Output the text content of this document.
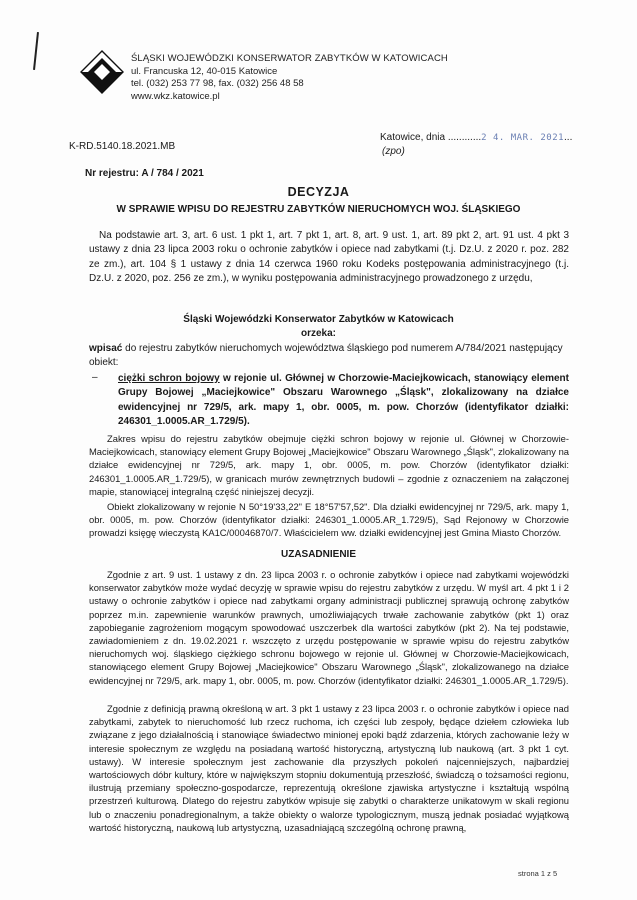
ŚLĄSKI WOJEWÓDZKI KONSERWATOR ZABYTKÓW W KATOWICACH
ul. Francuska 12, 40-015 Katowice
tel. (032) 253 77 98, fax. (032) 256 48 58
www.wkz.katowice.pl
Katowice, dnia ............2 4. MAR. 2021...
(zpo)
K-RD.5140.18.2021.MB
Nr rejestru: A / 784 / 2021
DECYZJA
W SPRAWIE WPISU DO REJESTRU ZABYTKÓW NIERUCHOMYCH WOJ. ŚLĄSKIEGO
Na podstawie art. 3, art. 6 ust. 1 pkt 1, art. 7 pkt 1, art. 8, art. 9 ust. 1, art. 89 pkt 2, art. 91 ust. 4 pkt 3 ustawy z dnia 23 lipca 2003 roku o ochronie zabytków i opiece nad zabytkami (t.j. Dz.U. z 2020 r. poz. 282 ze zm.), art. 104 § 1 ustawy z dnia 14 czerwca 1960 roku Kodeks postępowania administracyjnego (t.j. Dz.U. z 2020, poz. 256 ze zm.), w wyniku postępowania administracyjnego prowadzonego z urzędu,
Śląski Wojewódzki Konserwator Zabytków w Katowicach
orzeka:
wpisać do rejestru zabytków nieruchomych województwa śląskiego pod numerem A/784/2021 następujący obiekt:
–	ciężki schron bojowy w rejonie ul. Głównej w Chorzowie-Maciejkowicach, stanowiący element Grupy Bojowej „Maciejkowice" Obszaru Warownego „Śląsk", zlokalizowany na działce ewidencyjnej nr 729/5, ark. mapy 1, obr. 0005, m. pow. Chorzów (identyfikator działki: 246301_1.0005.AR_1.729/5).
Zakres wpisu do rejestru zabytków obejmuje ciężki schron bojowy w rejonie ul. Głównej w Chorzowie-Maciejkowicach, stanowiący element Grupy Bojowej „Maciejkowice" Obszaru Warownego „Śląsk", zlokalizowany na działce ewidencyjnej nr 729/5, ark. mapy 1, obr. 0005, m. pow. Chorzów (identyfikator działki: 246301_1.0005.AR_1.729/5), w granicach murów zewnętrznych budowli – zgodnie z oznaczeniem na załączonej mapie, stanowiącej integralną część niniejszej decyzji.
Obiekt zlokalizowany w rejonie N 50°19'33,22" E 18°57'57,52". Dla działki ewidencyjnej nr 729/5, ark. mapy 1, obr. 0005, m. pow. Chorzów (identyfikator działki: 246301_1.0005.AR_1.729/5), Sąd Rejonowy w Chorzowie prowadzi księgę wieczystą KA1C/00046870/7. Właścicielem ww. działki ewidencyjnej jest Gmina Miasto Chorzów.
UZASADNIENIE
Zgodnie z art. 9 ust. 1 ustawy z dn. 23 lipca 2003 r. o ochronie zabytków i opiece nad zabytkami wojewódzki konserwator zabytków może wydać decyzję w sprawie wpisu do rejestru zabytków z urzędu. W myśl art. 4 pkt 1 i 2 ustawy o ochronie zabytków i opiece nad zabytkami organy administracji publicznej sprawują ochronę zabytków poprzez m.in. zapewnienie warunków prawnych, umożliwiających trwałe zachowanie zabytków (pkt 1) oraz zapobieganie zagrożeniom mogącym spowodować uszczerbek dla wartości zabytków (pkt 2). Na tej podstawie, zawiadomieniem z dn. 19.02.2021 r. wszczęto z urzędu postępowanie w sprawie wpisu do rejestru zabytków nieruchomych woj. śląskiego ciężkiego schronu bojowego w rejonie ul. Głównej w Chorzowie-Maciejkowicach, stanowiącego element Grupy Bojowej „Maciejkowice" Obszaru Warownego „Śląsk", zlokalizowanego na działce ewidencyjnej nr 729/5, ark. mapy 1, obr. 0005, m. pow. Chorzów (identyfikator działki: 246301_1.0005.AR_1.729/5).
Zgodnie z definicją prawną określoną w art. 3 pkt 1 ustawy z 23 lipca 2003 r. o ochronie zabytków i opiece nad zabytkami, zabytek to nieruchomość lub rzecz ruchoma, ich części lub zespoły, będące dziełem człowieka lub związane z jego działalnością i stanowiące świadectwo minionej epoki bądź zdarzenia, których zachowanie leży w interesie społecznym ze względu na posiadaną wartość historyczną, artystyczną lub naukową (art. 3 pkt 1 cyt. ustawy). W interesie społecznym jest zachowanie dla przyszłych pokoleń najcenniejszych, najbardziej wartościowych dóbr kultury, które w największym stopniu dokumentują przeszłość, świadczą o tożsamości regionu, ilustrują przemiany społeczno-gospodarcze, reprezentują określone zjawiska artystyczne i kształtują wspólną przestrzeń kulturową. Dlatego do rejestru zabytków wpisuje się zabytki o charakterze unikatowym w skali regionu lub o znaczeniu ponadregionalnym, a także obiekty o walorze typologicznym, muszą jednak posiadać wyjątkową wartość historyczną, naukową lub artystyczną, uzasadniającą szczególną ochronę prawną,
strona 1 z 5
